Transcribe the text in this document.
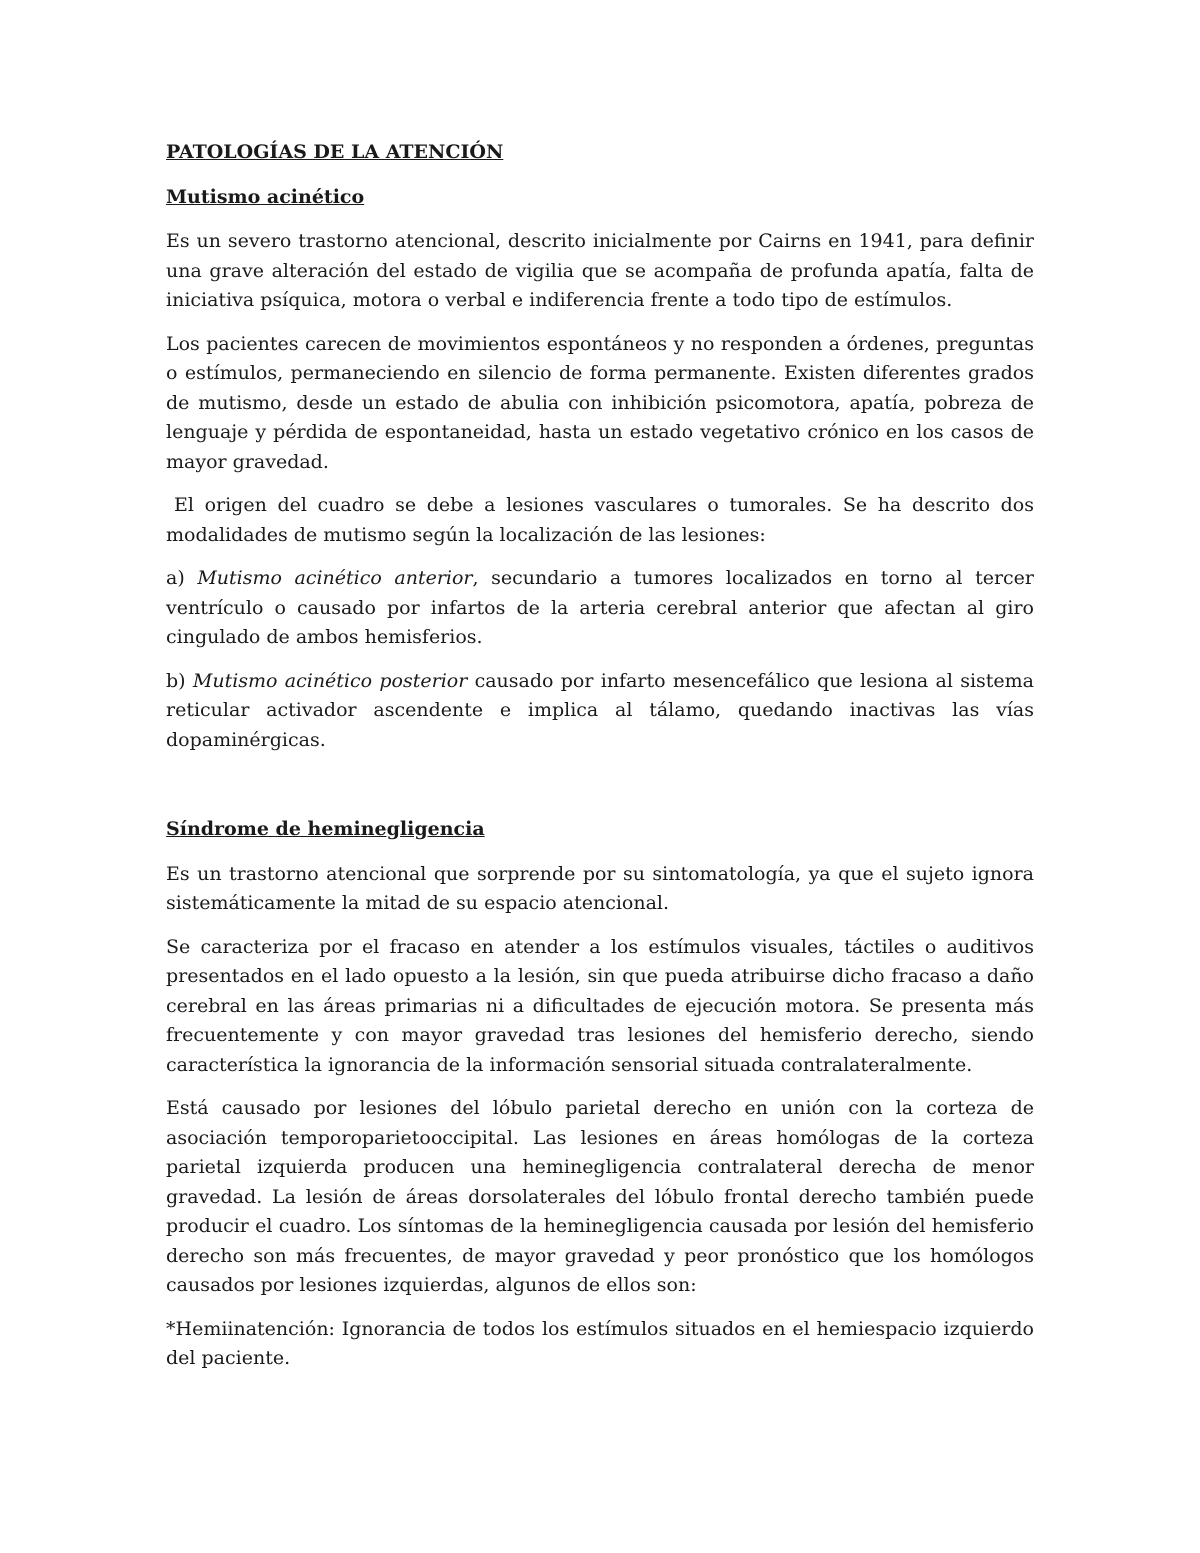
PATOLOGÍAS DE LA ATENCIÓN

Mutismo acinético

Es un severo trastorno atencional, descrito inicialmente por Cairns en 1941, para definir una grave alteración del estado de vigilia que se acompaña de profunda apatía, falta de iniciativa psíquica, motora o verbal e indiferencia frente a todo tipo de estímulos.

Los pacientes carecen de movimientos espontáneos y no responden a órdenes, preguntas o estímulos, permaneciendo en silencio de forma permanente. Existen diferentes grados de mutismo, desde un estado de abulia con inhibición psicomotora, apatía, pobreza de lenguaje y pérdida de espontaneidad, hasta un estado vegetativo crónico en los casos de mayor gravedad.

El origen del cuadro se debe a lesiones vasculares o tumorales. Se ha descrito dos modalidades de mutismo según la localización de las lesiones:

a) Mutismo acinético anterior, secundario a tumores localizados en torno al tercer ventrículo o causado por infartos de la arteria cerebral anterior que afectan al giro cingulado de ambos hemisferios.

b) Mutismo acinético posterior causado por infarto mesencefálico que lesiona al sistema reticular activador ascendente e implica al tálamo, quedando inactivas las vías dopaminérgicas.

Síndrome de heminegligencia

Es un trastorno atencional que sorprende por su sintomatología, ya que el sujeto ignora sistemáticamente la mitad de su espacio atencional.

Se caracteriza por el fracaso en atender a los estímulos visuales, táctiles o auditivos presentados en el lado opuesto a la lesión, sin que pueda atribuirse dicho fracaso a daño cerebral en las áreas primarias ni a dificultades de ejecución motora. Se presenta más frecuentemente y con mayor gravedad tras lesiones del hemisferio derecho, siendo característica la ignorancia de la información sensorial situada contralateralmente.

Está causado por lesiones del lóbulo parietal derecho en unión con la corteza de asociación temporoparietooccipital. Las lesiones en áreas homólogas de la corteza parietal izquierda producen una heminegligencia contralateral derecha de menor gravedad. La lesión de áreas dorsolaterales del lóbulo frontal derecho también puede producir el cuadro. Los síntomas de la heminegligencia causada por lesión del hemisferio derecho son más frecuentes, de mayor gravedad y peor pronóstico que los homólogos causados por lesiones izquierdas, algunos de ellos son:

*Hemiinatención: Ignorancia de todos los estímulos situados en el hemiespacio izquierdo del paciente.
